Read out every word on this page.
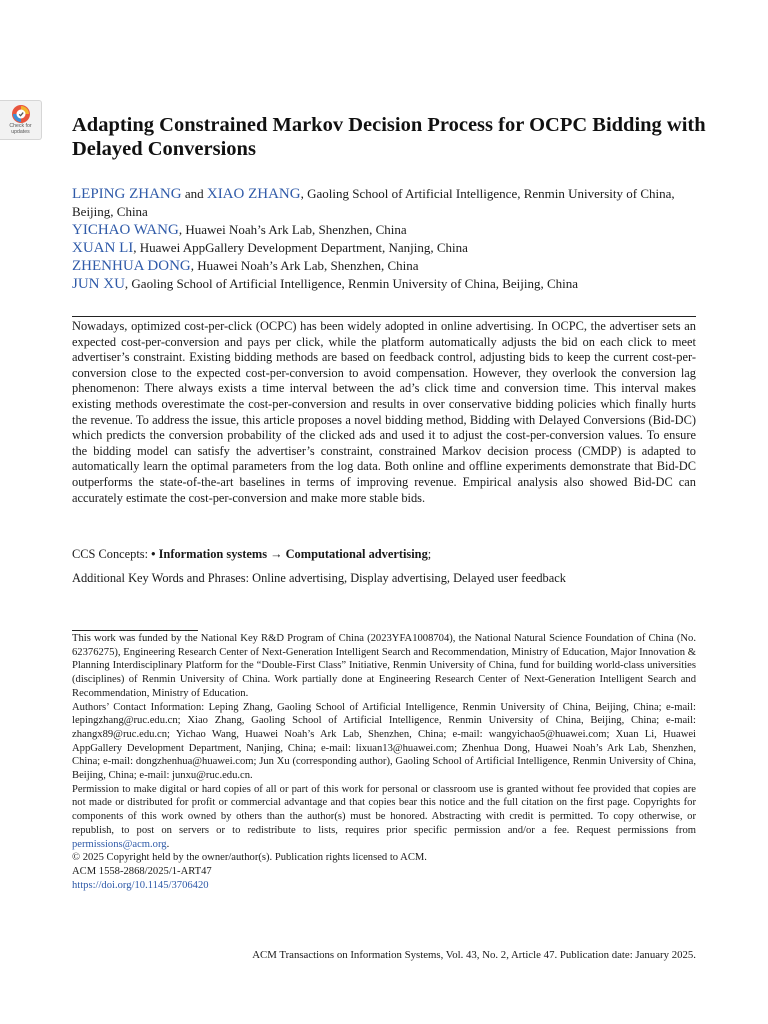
Check for
updates	Adapting Constrained Markov Decision Process for OCPC Bidding with Delayed Conversions

LEPING ZHANG and XIAO ZHANG, Gaoling School of Artificial Intelligence, Renmin University of China, Beijing, China

YICHAO WANG, Huawei Noah’s Ark Lab, Shenzhen, China

XUAN LI, Huawei AppGallery Development Department, Nanjing, China

ZHENHUA DONG, Huawei Noah’s Ark Lab, Shenzhen, China

JUN XU, Gaoling School of Artificial Intelligence, Renmin University of China, Beijing, China

Nowadays, optimized cost-per-click (OCPC) has been widely adopted in online advertising. In OCPC, the advertiser sets an expected cost-per-conversion and pays per click, while the platform automatically adjusts the bid on each click to meet advertiser’s constraint. Existing bidding methods are based on feedback control, adjusting bids to keep the current cost-per-conversion close to the expected cost-per-conversion to avoid compensation. However, they overlook the conversion lag phenomenon: There always exists a time interval between the ad’s click time and conversion time. This interval makes existing methods overestimate the cost-per-conversion and results in over conservative bidding policies which finally hurts the revenue. To address the issue, this article proposes a novel bidding method, Bidding with Delayed Conversions (Bid-DC) which predicts the conversion probability of the clicked ads and used it to adjust the cost-per-conversion values. To ensure the bidding model can satisfy the advertiser’s constraint, constrained Markov decision process (CMDP) is adapted to automatically learn the optimal parameters from the log data. Both online and offline experiments demonstrate that Bid-DC outperforms the state-of-the-art baselines in terms of improving revenue. Empirical analysis also showed Bid-DC can accurately estimate the cost-per-conversion and make more stable bids.

CCS Concepts: • Information systems → Computational advertising;

Additional Key Words and Phrases: Online advertising, Display advertising, Delayed user feedback

This work was funded by the National Key R&D Program of China (2023YFA1008704), the National Natural Science Foundation of China (No. 62376275), Engineering Research Center of Next-Generation Intelligent Search and Recommendation, Ministry of Education, Major Innovation & Planning Interdisciplinary Platform for the “Double-First Class” Initiative, Renmin University of China, fund for building world-class universities (disciplines) of Renmin University of China. Work partially done at Engineering Research Center of Next-Generation Intelligent Search and Recommendation, Ministry of Education.

Authors’ Contact Information: Leping Zhang, Gaoling School of Artificial Intelligence, Renmin University of China, Beijing, China; e-mail: lepingzhang@ruc.edu.cn; Xiao Zhang, Gaoling School of Artificial Intelligence, Renmin University of China, Beijing, China; e-mail: zhangx89@ruc.edu.cn; Yichao Wang, Huawei Noah’s Ark Lab, Shenzhen, China; e-mail: wangyichao5@huawei.com; Xuan Li, Huawei AppGallery Development Department, Nanjing, China; e-mail: lixuan13@huawei.com; Zhenhua Dong, Huawei Noah’s Ark Lab, Shenzhen, China; e-mail: dongzhenhua@huawei.com; Jun Xu (corresponding author), Gaoling School of Artificial Intelligence, Renmin University of China, Beijing, China; e-mail: junxu@ruc.edu.cn.

Permission to make digital or hard copies of all or part of this work for personal or classroom use is granted without fee provided that copies are not made or distributed for profit or commercial advantage and that copies bear this notice and the full citation on the first page. Copyrights for components of this work owned by others than the author(s) must be honored. Abstracting with credit is permitted. To copy otherwise, or republish, to post on servers or to redistribute to lists, requires prior specific permission and/or a fee. Request permissions from permissions@acm.org.

© 2025 Copyright held by the owner/author(s). Publication rights licensed to ACM.

ACM 1558-2868/2025/1-ART47

https://doi.org/10.1145/3706420

ACM Transactions on Information Systems, Vol. 43, No. 2, Article 47. Publication date: January 2025.
